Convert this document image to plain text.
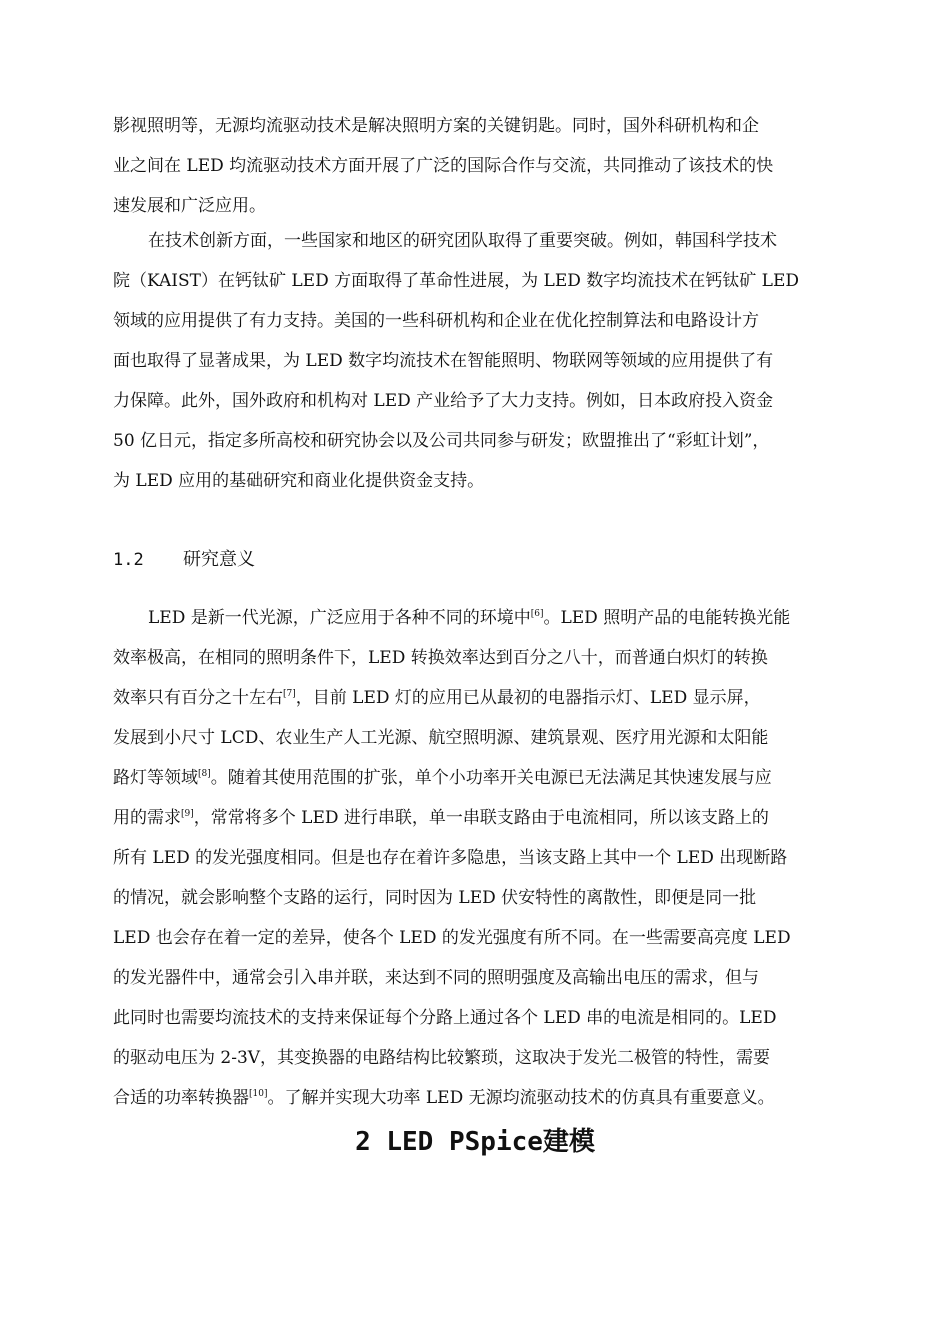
影视照明等，无源均流驱动技术是解决照明方案的关键钥匙。同时，国外科研机构和企
业之间在 LED 均流驱动技术方面开展了广泛的国际合作与交流，共同推动了该技术的快
速发展和广泛应用。
在技术创新方面，一些国家和地区的研究团队取得了重要突破。例如，韩国科学技术
院（KAIST）在钙钛矿 LED 方面取得了革命性进展，为 LED 数字均流技术在钙钛矿 LED
领域的应用提供了有力支持。美国的一些科研机构和企业在优化控制算法和电路设计方
面也取得了显著成果，为 LED 数字均流技术在智能照明、物联网等领域的应用提供了有
力保障。此外，国外政府和机构对 LED 产业给予了大力支持。例如，日本政府投入资金
50 亿日元，指定多所高校和研究协会以及公司共同参与研发；欧盟推出了“彩虹计划”，
为 LED 应用的基础研究和商业化提供资金支持。
1.2 研究意义
LED 是新一代光源，广泛应用于各种不同的环境中[6]。LED 照明产品的电能转换光能
效率极高，在相同的照明条件下，LED 转换效率达到百分之八十，而普通白炽灯的转换
效率只有百分之十左右[7]，目前 LED 灯的应用已从最初的电器指示灯、LED 显示屏，
发展到小尺寸 LCD、农业生产人工光源、航空照明源、建筑景观、医疗用光源和太阳能
路灯等领域[8]。随着其使用范围的扩张，单个小功率开关电源已无法满足其快速发展与应
用的需求[9]，常常将多个 LED 进行串联，单一串联支路由于电流相同，所以该支路上的
所有 LED 的发光强度相同。但是也存在着许多隐患，当该支路上其中一个 LED 出现断路
的情况，就会影响整个支路的运行，同时因为 LED 伏安特性的离散性，即便是同一批
LED 也会存在着一定的差异，使各个 LED 的发光强度有所不同。在一些需要高亮度 LED
的发光器件中，通常会引入串并联，来达到不同的照明强度及高输出电压的需求，但与
此同时也需要均流技术的支持来保证每个分路上通过各个 LED 串的电流是相同的。LED
的驱动电压为 2-3V，其变换器的电路结构比较繁琐，这取决于发光二极管的特性，需要
合适的功率转换器[10]。了解并实现大功率 LED 无源均流驱动技术的仿真具有重要意义。
2 LED PSpice建模
